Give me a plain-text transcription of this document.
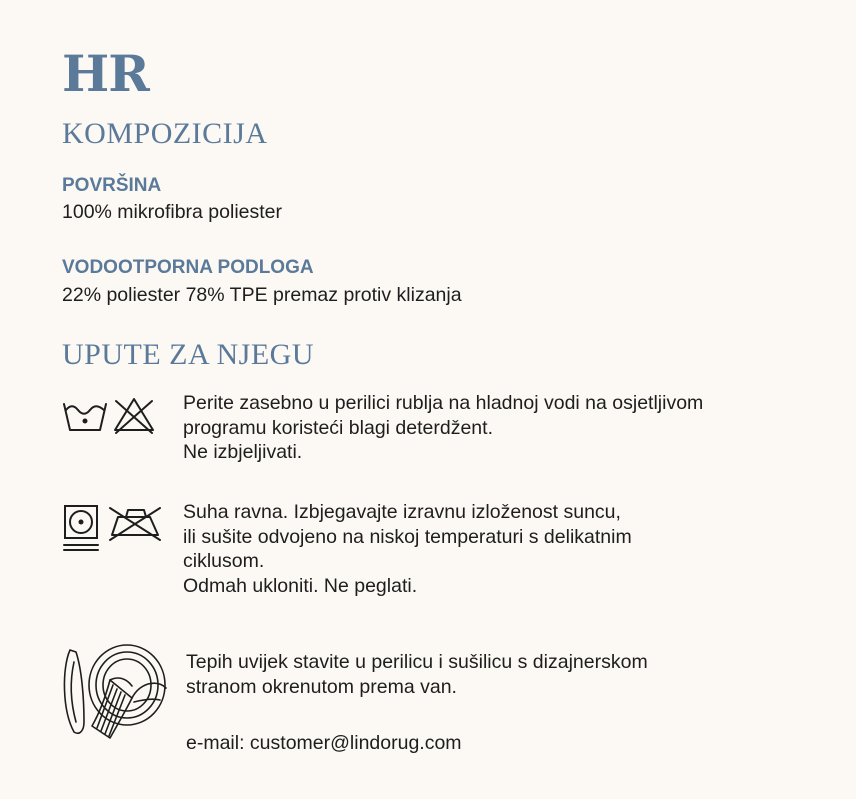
HR
KOMPOZICIJA
POVRŠINA
100% mikrofibra poliester
VODOOTPORNA PODLOGA
22% poliester 78% TPE premaz protiv klizanja
UPUTE ZA NJEGU
Perite zasebno u perilici rublja na hladnoj vodi na osjetljivom
programu koristeći blagi deterdžent.
Ne izbjeljivati.
Suha ravna. Izbjegavajte izravnu izloženost suncu,
ili sušite odvojeno na niskoj temperaturi s delikatnim
ciklusom.
Odmah ukloniti. Ne peglati.
Tepih uvijek stavite u perilicu i sušilicu s dizajnerskom
stranom okrenutom prema van.
e-mail: customer@lindorug.com
